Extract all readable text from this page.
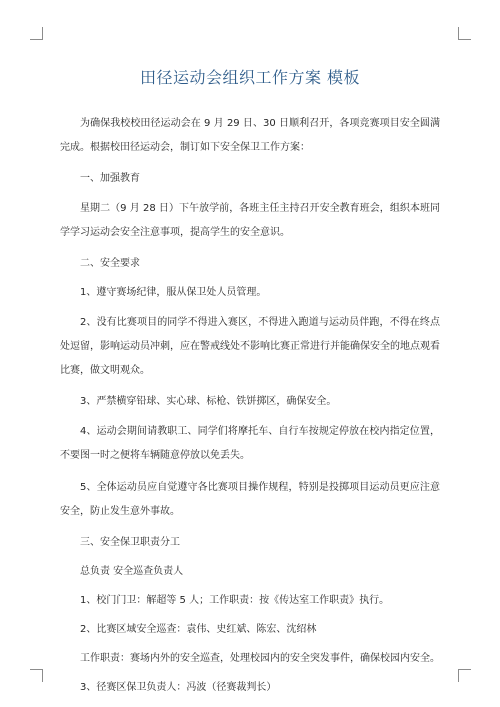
田径运动会组织工作方案 模板

为确保我校校田径运动会在 9 月 29 日、30 日顺利召开，各项竞赛项目安全圆满完成。根据校田径运动会，制订如下安全保卫工作方案：

一、加强教育

星期二（9 月 28 日）下午放学前，各班主任主持召开安全教育班会，组织本班同学学习运动会安全注意事项，提高学生的安全意识。

二、安全要求

1、遵守赛场纪律，服从保卫处人员管理。

2、没有比赛项目的同学不得进入赛区，不得进入跑道与运动员伴跑，不得在终点处逗留，影响运动员冲刺，应在警戒线处不影响比赛正常进行并能确保安全的地点观看比赛，做文明观众。

3、严禁横穿铅球、实心球、标枪、铁饼掷区，确保安全。

4、运动会期间请教职工、同学们将摩托车、自行车按规定停放在校内指定位置，不要图一时之便将车辆随意停放以免丢失。

5、全体运动员应自觉遵守各比赛项目操作规程，特别是投掷项目运动员更应注意安全，防止发生意外事故。

三、安全保卫职责分工

总负责 安全巡查负责人

1、校门门卫：解超等 5 人；工作职责：按《传达室工作职责》执行。

2、比赛区域安全巡查：袁伟、史红斌、陈宏、沈绍林

工作职责：赛场内外的安全巡查，处理校园内的安全突发事件，确保校园内安全。

3、径赛区保卫负责人：冯波（径赛裁判长）
